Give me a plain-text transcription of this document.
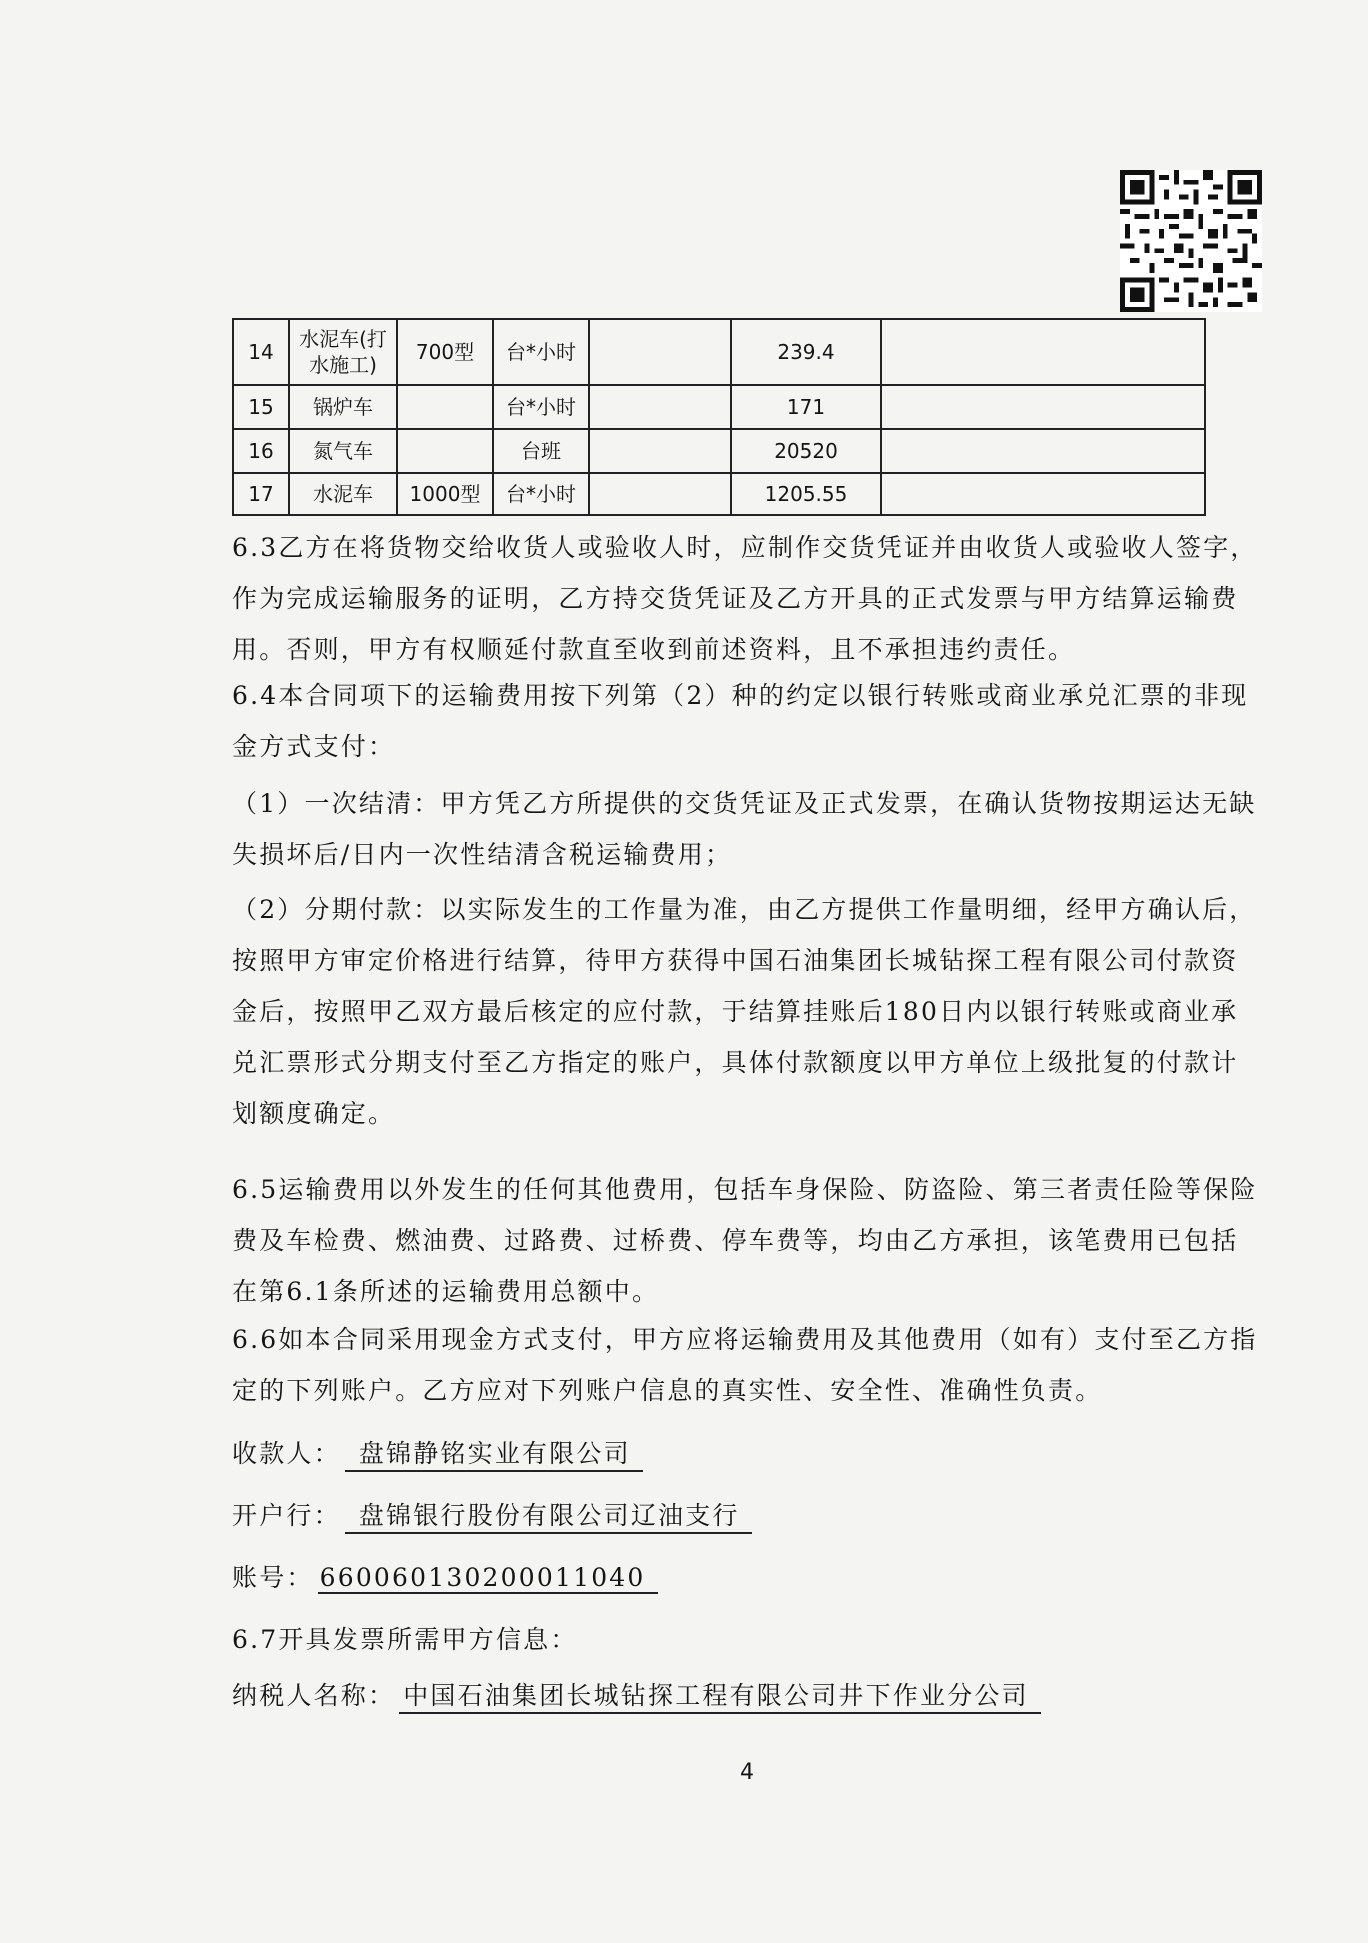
14	水泥车(打水施工)	700型	台*小时		239.4	
15	锅炉车		台*小时		171	
16	氮气车		台班		20520	
17	水泥车	1000型	台*小时		1205.55	

6.3乙方在将货物交给收货人或验收人时，应制作交货凭证并由收货人或验收人签字，作为完成运输服务的证明，乙方持交货凭证及乙方开具的正式发票与甲方结算运输费用。否则，甲方有权顺延付款直至收到前述资料，且不承担违约责任。

6.4本合同项下的运输费用按下列第（2）种的约定以银行转账或商业承兑汇票的非现金方式支付：

（1）一次结清：甲方凭乙方所提供的交货凭证及正式发票，在确认货物按期运达无缺失损坏后/日内一次性结清含税运输费用；

（2）分期付款：以实际发生的工作量为准，由乙方提供工作量明细，经甲方确认后，按照甲方审定价格进行结算，待甲方获得中国石油集团长城钻探工程有限公司付款资金后，按照甲乙双方最后核定的应付款，于结算挂账后180日内以银行转账或商业承兑汇票形式分期支付至乙方指定的账户，具体付款额度以甲方单位上级批复的付款计划额度确定。

6.5运输费用以外发生的任何其他费用，包括车身保险、防盗险、第三者责任险等保险费及车检费、燃油费、过路费、过桥费、停车费等，均由乙方承担，该笔费用已包括在第6.1条所述的运输费用总额中。

6.6如本合同采用现金方式支付，甲方应将运输费用及其他费用（如有）支付至乙方指定的下列账户。乙方应对下列账户信息的真实性、安全性、准确性负责。

收款人： 盘锦静铭实业有限公司
开户行： 盘锦银行股份有限公司辽油支行
账号： 660060130200011040
6.7开具发票所需甲方信息：
纳税人名称： 中国石油集团长城钻探工程有限公司井下作业分公司
4
